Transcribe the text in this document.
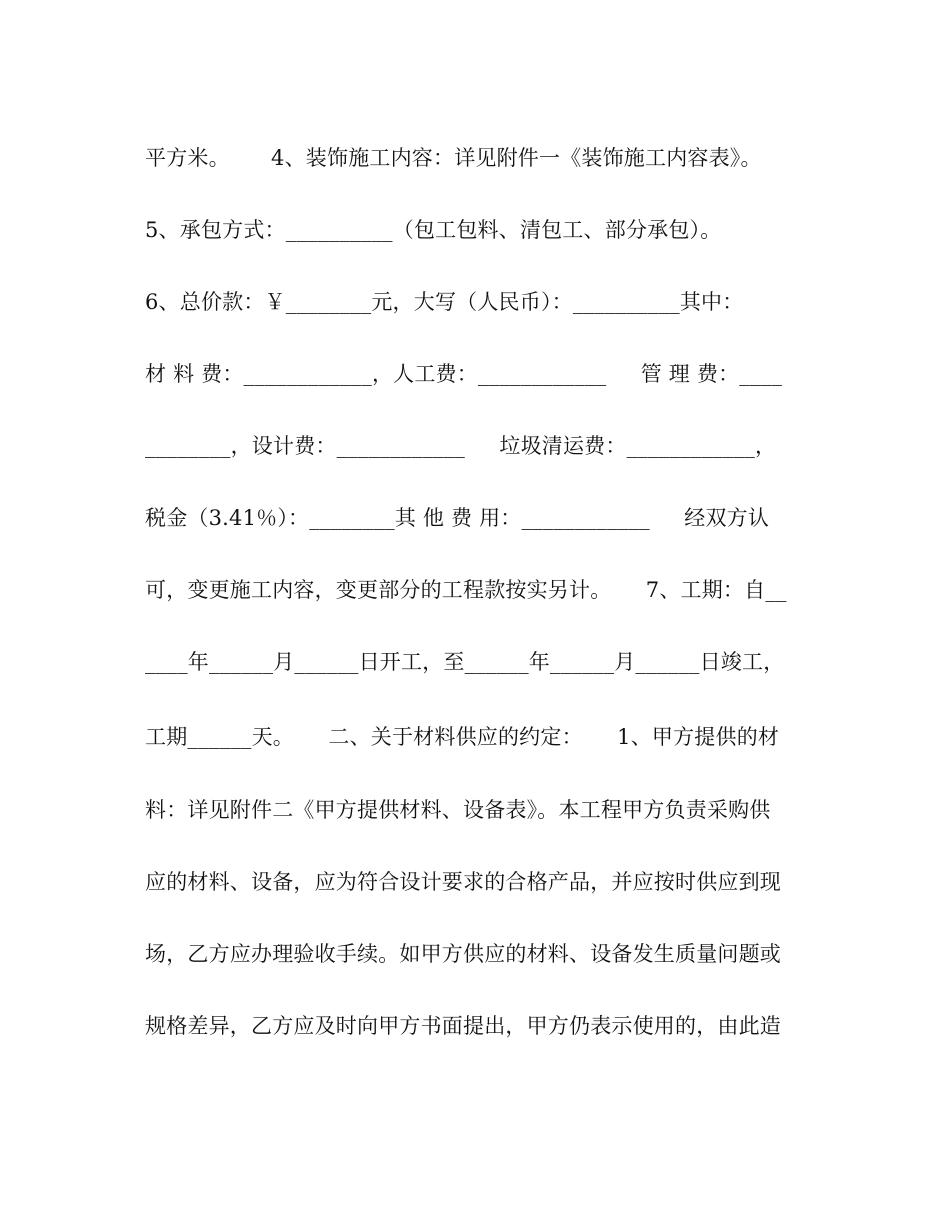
平方米。      4、装饰施工内容：详见附件一《装饰施工内容表》。
5、承包方式：__________（包工包料、清包工、部分承包）。
6、总价款：￥________元，大写（人民币）：__________其中：
材 料 费：____________，人工费：____________     管 理 费：____
________，设计费：____________     垃圾清运费：____________，
税金（3.41％）：________其 他 费 用：____________     经双方认
可，变更施工内容，变更部分的工程款按实另计。     7、工期：自__
____年______月______日开工，至______年______月______日竣工，
工期______天。     二、关于材料供应的约定：     1、甲方提供的材
料：详见附件二《甲方提供材料、设备表》。本工程甲方负责采购供
应的材料、设备，应为符合设计要求的合格产品，并应按时供应到现
场，乙方应办理验收手续。如甲方供应的材料、设备发生质量问题或
规格差异，乙方应及时向甲方书面提出，甲方仍表示使用的，由此造
